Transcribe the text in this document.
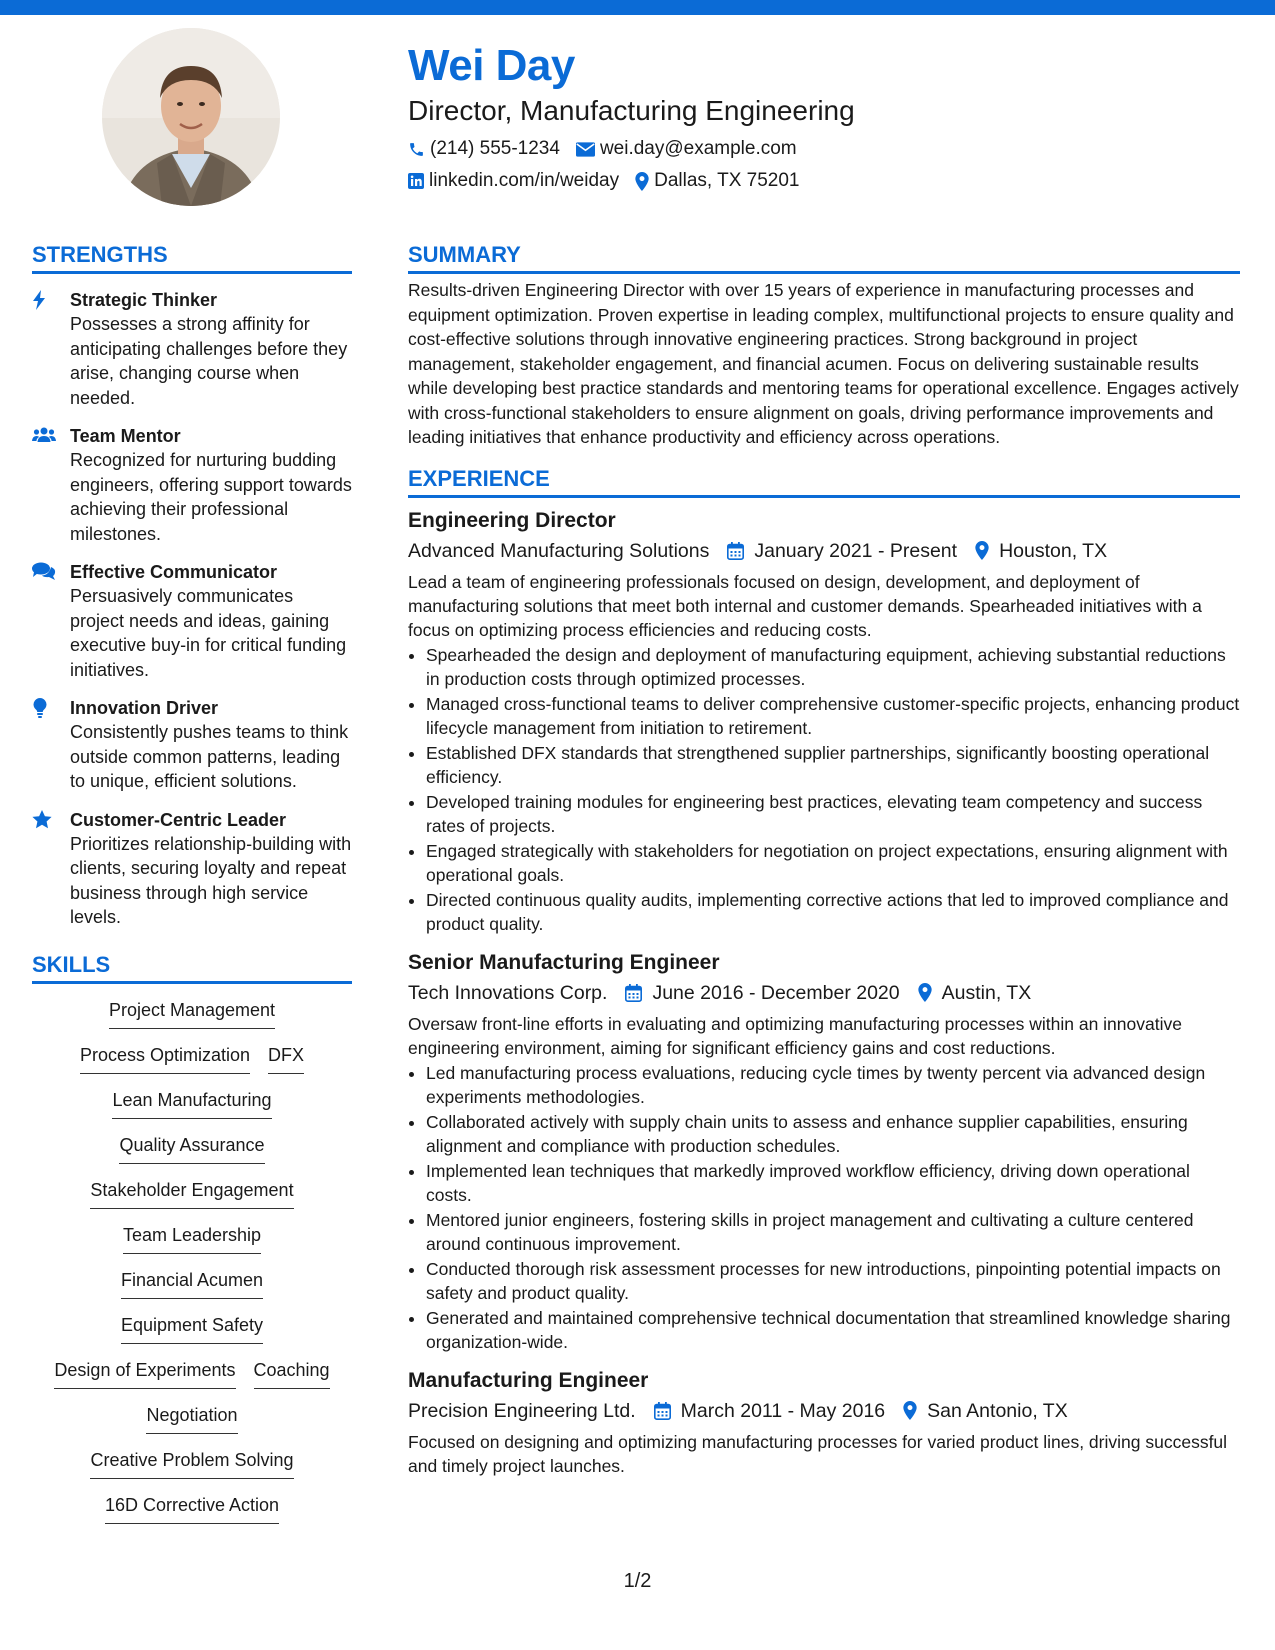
Wei Day
Director, Manufacturing Engineering
(214) 555-1234 wei.day@example.com
linkedin.com/in/weiday Dallas, TX 75201
STRENGTHS
Strategic Thinker
Possesses a strong affinity for anticipating challenges before they arise, changing course when needed.
Team Mentor
Recognized for nurturing budding engineers, offering support towards achieving their professional milestones.
Effective Communicator
Persuasively communicates project needs and ideas, gaining executive buy-in for critical funding initiatives.
Innovation Driver
Consistently pushes teams to think outside common patterns, leading to unique, efficient solutions.
Customer-Centric Leader
Prioritizes relationship-building with clients, securing loyalty and repeat business through high service levels.
SKILLS
Project Management
Process Optimization DFX
Lean Manufacturing
Quality Assurance
Stakeholder Engagement
Team Leadership
Financial Acumen
Equipment Safety
Design of Experiments Coaching
Negotiation
Creative Problem Solving
16D Corrective Action
SUMMARY
Results-driven Engineering Director with over 15 years of experience in manufacturing processes and equipment optimization. Proven expertise in leading complex, multifunctional projects to ensure quality and cost-effective solutions through innovative engineering practices. Strong background in project management, stakeholder engagement, and financial acumen. Focus on delivering sustainable results while developing best practice standards and mentoring teams for operational excellence. Engages actively with cross-functional stakeholders to ensure alignment on goals, driving performance improvements and leading initiatives that enhance productivity and efficiency across operations.
EXPERIENCE
Engineering Director
Advanced Manufacturing Solutions January 2021 - Present Houston, TX
Lead a team of engineering professionals focused on design, development, and deployment of manufacturing solutions that meet both internal and customer demands. Spearheaded initiatives with a focus on optimizing process efficiencies and reducing costs.
• Spearheaded the design and deployment of manufacturing equipment, achieving substantial reductions in production costs through optimized processes.
• Managed cross-functional teams to deliver comprehensive customer-specific projects, enhancing product lifecycle management from initiation to retirement.
• Established DFX standards that strengthened supplier partnerships, significantly boosting operational efficiency.
• Developed training modules for engineering best practices, elevating team competency and success rates of projects.
• Engaged strategically with stakeholders for negotiation on project expectations, ensuring alignment with operational goals.
• Directed continuous quality audits, implementing corrective actions that led to improved compliance and product quality.
Senior Manufacturing Engineer
Tech Innovations Corp. June 2016 - December 2020 Austin, TX
Oversaw front-line efforts in evaluating and optimizing manufacturing processes within an innovative engineering environment, aiming for significant efficiency gains and cost reductions.
• Led manufacturing process evaluations, reducing cycle times by twenty percent via advanced design experiments methodologies.
• Collaborated actively with supply chain units to assess and enhance supplier capabilities, ensuring alignment and compliance with production schedules.
• Implemented lean techniques that markedly improved workflow efficiency, driving down operational costs.
• Mentored junior engineers, fostering skills in project management and cultivating a culture centered around continuous improvement.
• Conducted thorough risk assessment processes for new introductions, pinpointing potential impacts on safety and product quality.
• Generated and maintained comprehensive technical documentation that streamlined knowledge sharing organization-wide.
Manufacturing Engineer
Precision Engineering Ltd. March 2011 - May 2016 San Antonio, TX
Focused on designing and optimizing manufacturing processes for varied product lines, driving successful and timely project launches.
1/2
